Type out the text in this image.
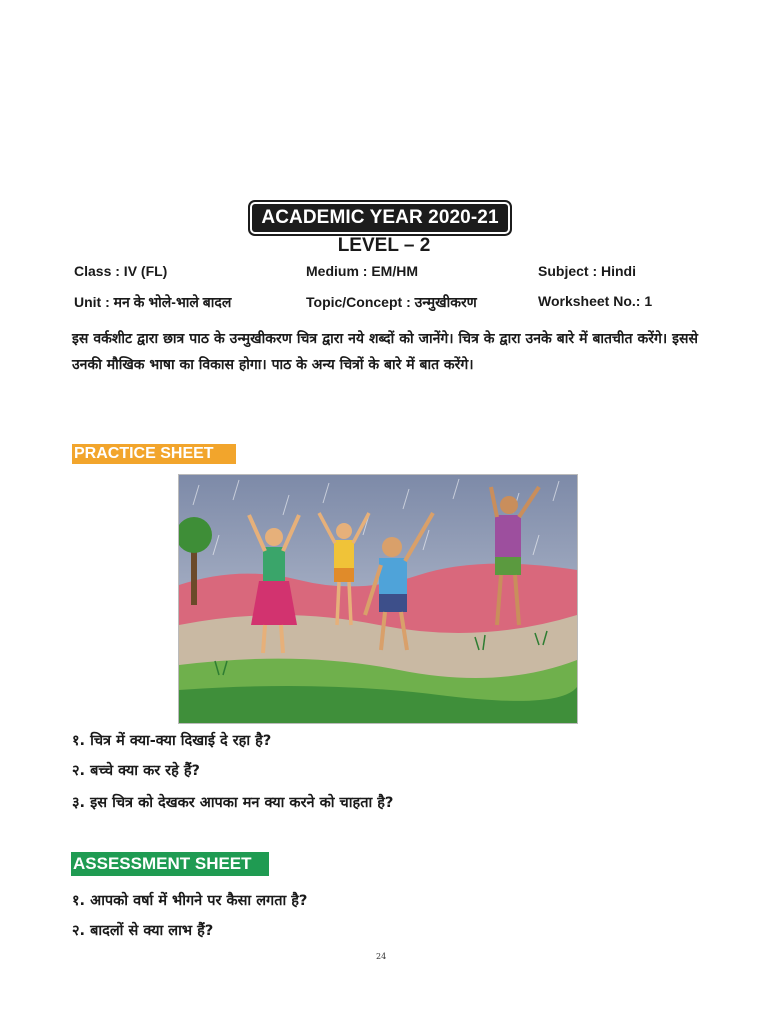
ACADEMIC YEAR 2020-21
LEVEL – 2
Class : IV (FL)	Medium : EM/HM	Subject : Hindi
Unit : मन के भोले-भाले बादल	Topic/Concept : उन्मुखीकरण	Worksheet No.: 1
इस वर्कशीट द्वारा छात्र पाठ के उन्मुखीकरण चित्र द्वारा नये शब्दों को जानेंगे। चित्र के द्वारा उनके बारे में बातचीत करेंगे। इससे उनकी मौखिक भाषा का विकास होगा। पाठ के अन्य चित्रों के बारे में बात करेंगे।
PRACTICE SHEET
१. चित्र में क्या-क्या दिखाई दे रहा है?
२. बच्चे क्या कर रहे हैं?
३. इस चित्र को देखकर आपका मन क्या करने को चाहता है?
ASSESSMENT SHEET
१. आपको वर्षा में भीगने पर कैसा लगता है?
२. बादलों से क्या लाभ हैं?
24
